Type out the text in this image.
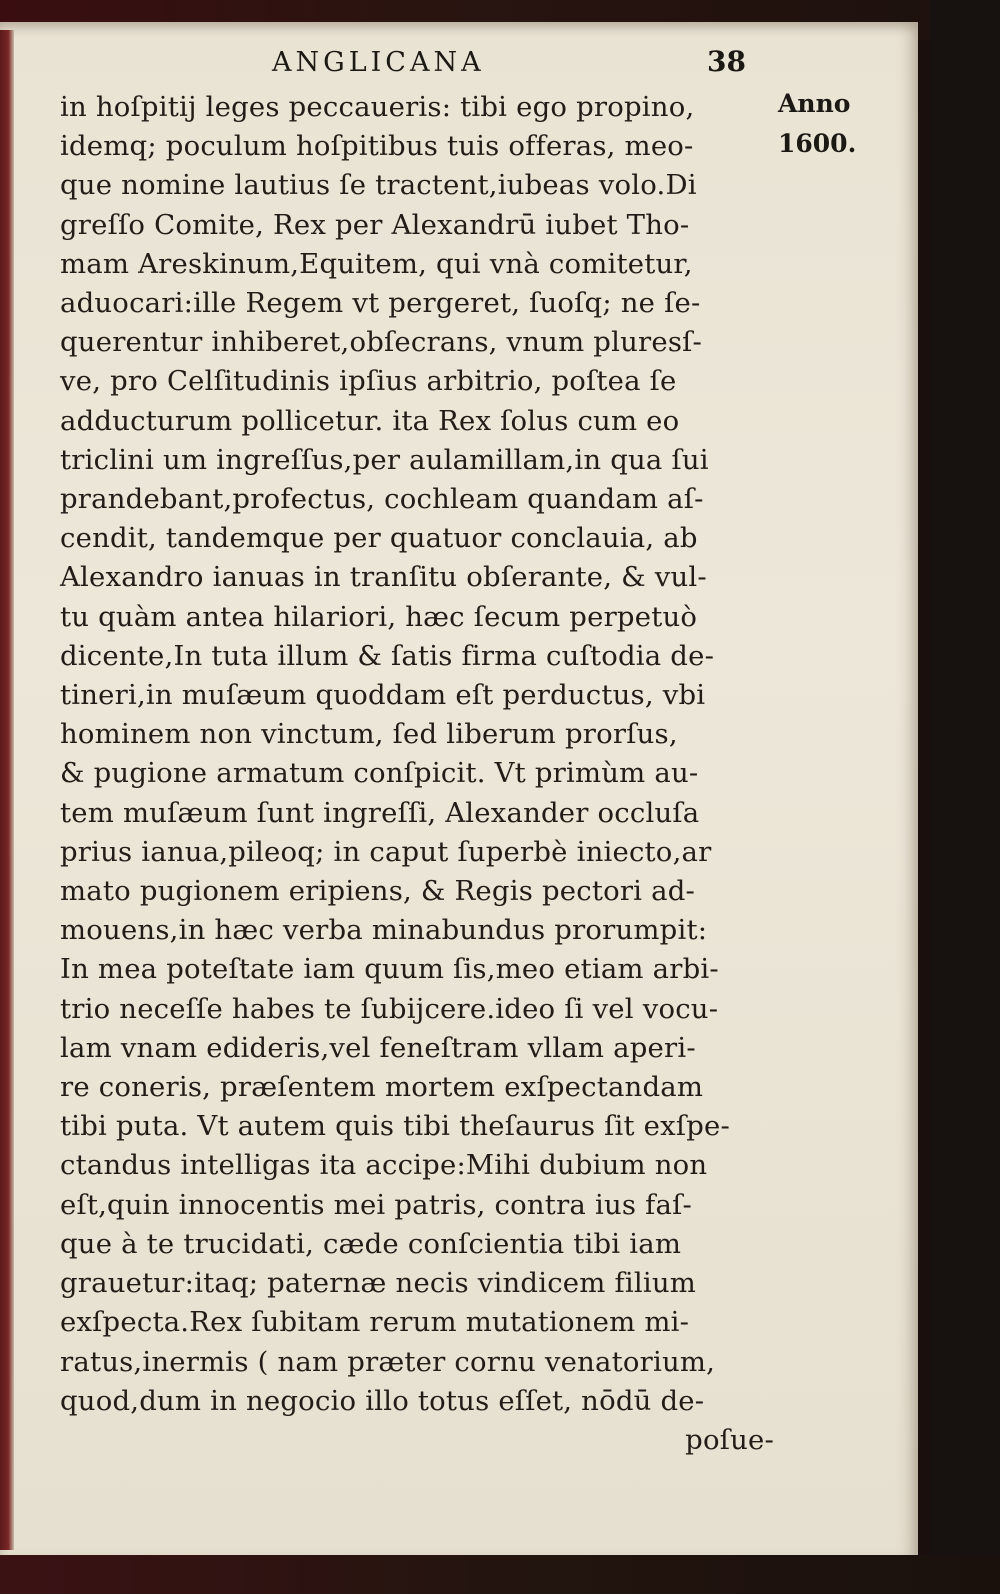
ANGLICANA	38
Anno
1600.
in hoſpitij leges peccaueris: tibi ego propino,
idemq; poculum hoſpitibus tuis offeras, meo-
que nomine lautius ſe tractent,iubeas volo.Di
greſſo Comite, Rex per Alexandrū iubet Tho-
mam Areskinum,Equitem, qui vnà comitetur,
aduocari:ille Regem vt pergeret, ſuoſq; ne ſe-
querentur inhiberet,obſecrans, vnum pluresſ-
ve, pro Celſitudinis ipſius arbitrio, poſtea ſe
adducturum pollicetur. ita Rex ſolus cum eo
triclini um ingreſſus,per aulamillam,in qua ſui
prandebant,profectus, cochleam quandam aſ-
cendit, tandemque per quatuor conclauia, ab
Alexandro ianuas in tranſitu obſerante, & vul-
tu quàm antea hilariori, hæc ſecum perpetuò
dicente,In tuta illum & ſatis firma cuſtodia de-
tineri,in muſæum quoddam eſt perductus, vbi
hominem non vinctum, ſed liberum prorſus,
& pugione armatum conſpicit. Vt primùm au-
tem muſæum ſunt ingreſſi, Alexander occluſa
prius ianua,pileoq; in caput ſuperbè iniecto,ar
mato pugionem eripiens, & Regis pectori ad-
mouens,in hæc verba minabundus prorumpit:
In mea poteſtate iam quum ſis,meo etiam arbi-
trio neceſſe habes te ſubijcere.ideo ſi vel vocu-
lam vnam edideris,vel feneſtram vllam aperi-
re coneris, præſentem mortem exſpectandam
tibi puta. Vt autem quis tibi theſaurus ſit exſpe-
ctandus intelligas ita accipe:Mihi dubium non
eſt,quin innocentis mei patris, contra ius faſ-
que à te trucidati, cæde conſcientia tibi iam
grauetur:itaq; paternæ necis vindicem filium
exſpecta.Rex ſubitam rerum mutationem mi-
ratus,inermis ( nam præter cornu venatorium,
quod,dum in negocio illo totus eſſet, nōdū de-
poſue-
